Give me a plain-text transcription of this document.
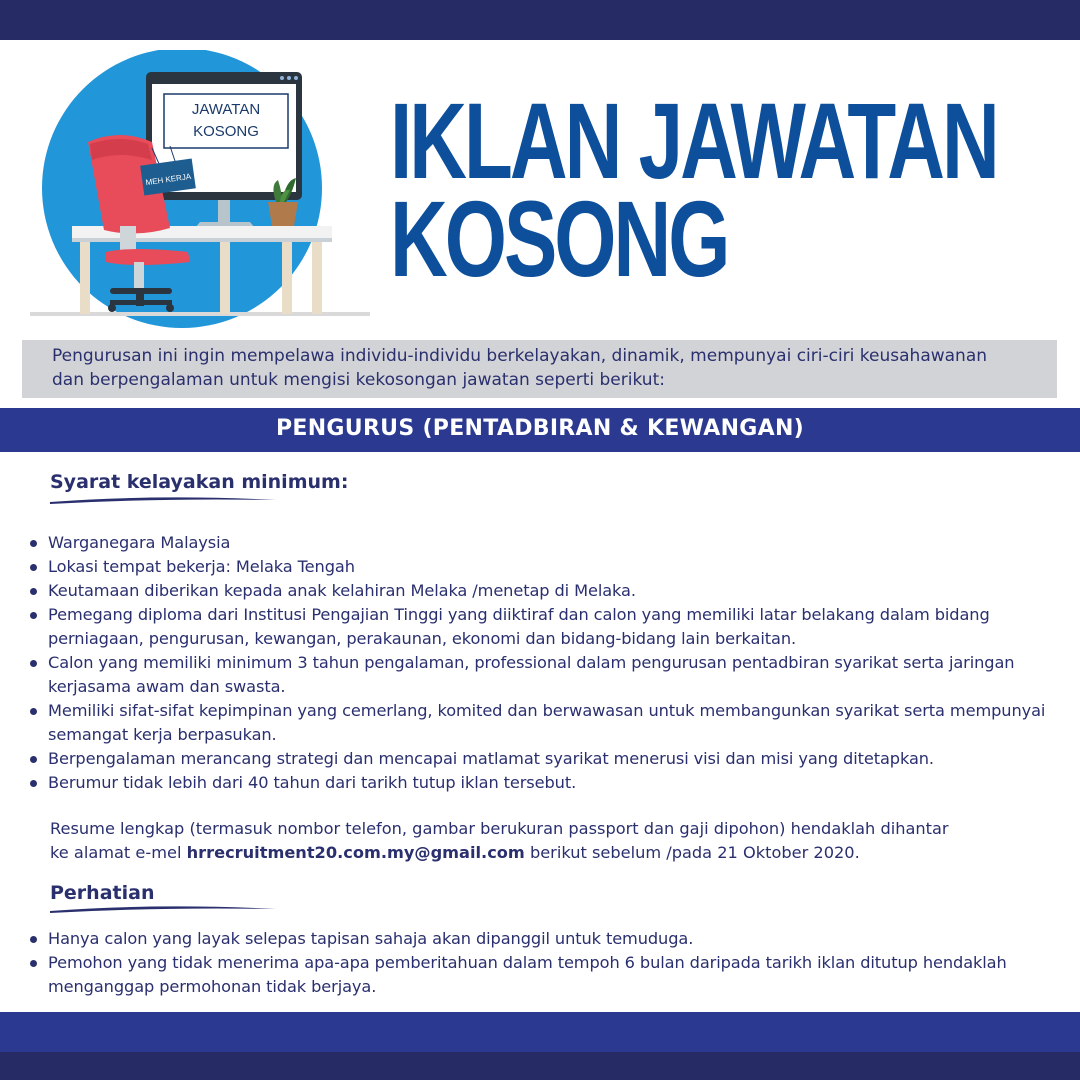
JAWATAN
KOSONG
MEH KERJA IKLAN JAWATAN
KOSONG

Pengurusan ini ingin mempelawa individu-individu berkelayakan, dinamik, mempunyai ciri-ciri keusahawanan

dan berpengalaman untuk mengisi kekosongan jawatan seperti berikut:

PENGURUS (PENTADBIRAN & KEWANGAN)
Syarat kelayakan minimum:
Warganegara Malaysia
Lokasi tempat bekerja: Melaka Tengah
Keutamaan diberikan kepada anak kelahiran Melaka /menetap di Melaka.
Pemegang diploma dari Institusi Pengajian Tinggi yang diiktiraf dan calon yang memiliki latar belakang dalam bidang perniagaan, pengurusan, kewangan, perakaunan, ekonomi dan bidang-bidang lain berkaitan.
Calon yang memiliki minimum 3 tahun pengalaman, professional dalam pengurusan pentadbiran syarikat serta jaringan kerjasama awam dan swasta.
Memiliki sifat-sifat kepimpinan yang cemerlang, komited dan berwawasan untuk membangunkan syarikat serta mempunyai semangat kerja berpasukan.
Berpengalaman merancang strategi dan mencapai matlamat syarikat menerusi visi dan misi yang ditetapkan.
Berumur tidak lebih dari 40 tahun dari tarikh tutup iklan tersebut.
Resume lengkap (termasuk nombor telefon, gambar berukuran passport dan gaji dipohon) hendaklah dihantar
ke alamat e-mel hrrecruitment20.com.my@gmail.com berikut sebelum /pada 21 Oktober 2020.
Perhatian
Hanya calon yang layak selepas tapisan sahaja akan dipanggil untuk temuduga.
Pemohon yang tidak menerima apa-apa pemberitahuan dalam tempoh 6 bulan daripada tarikh iklan ditutup hendaklah menganggap permohonan tidak berjaya.
